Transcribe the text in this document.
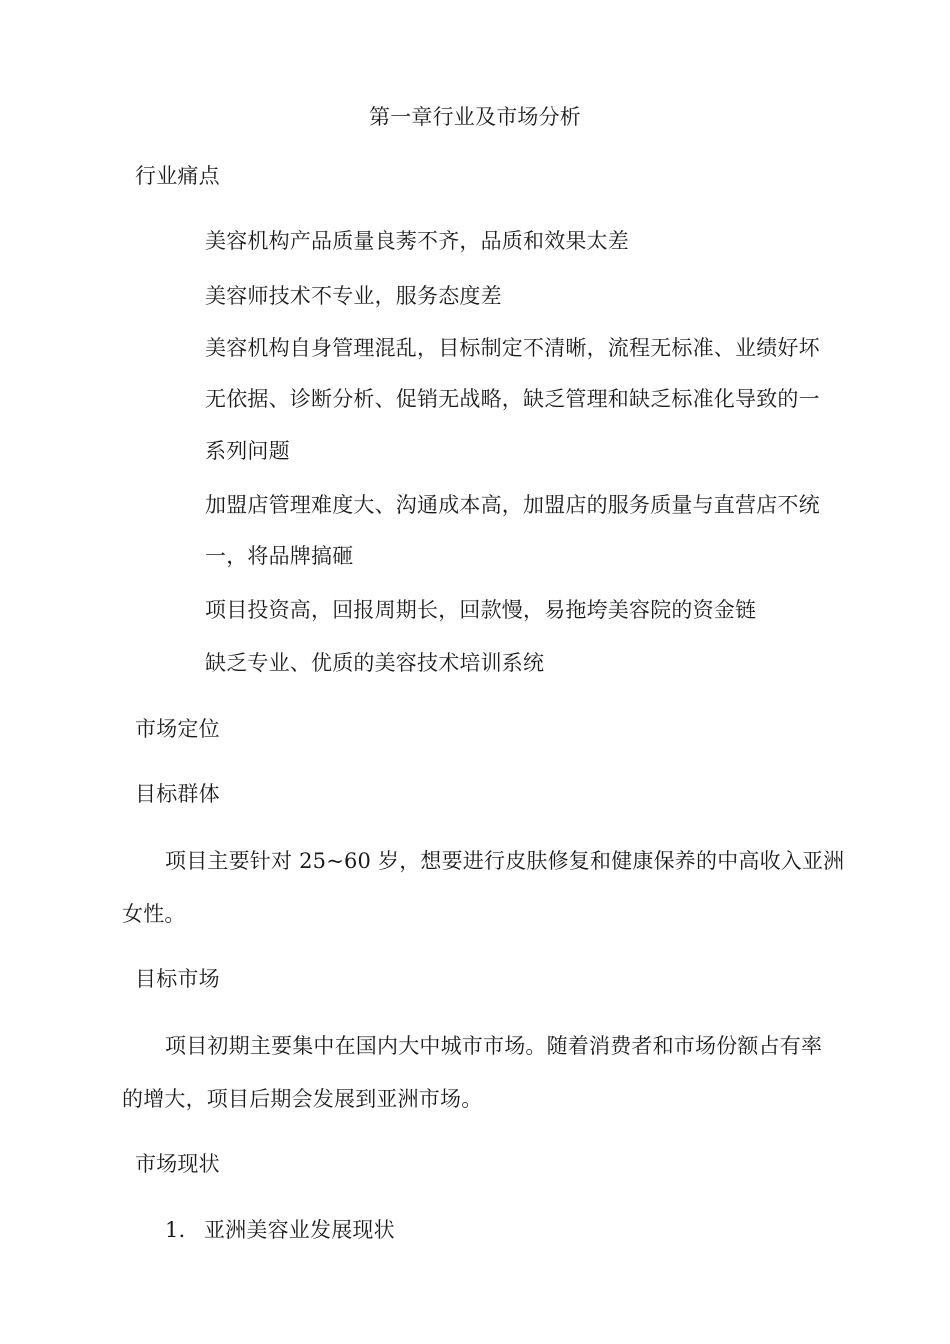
第一章行业及市场分析
行业痛点
美容机构产品质量良莠不齐，品质和效果太差
美容师技术不专业，服务态度差
美容机构自身管理混乱，目标制定不清晰，流程无标准、业绩好坏
无依据、诊断分析、促销无战略，缺乏管理和缺乏标准化导致的一
系列问题
加盟店管理难度大、沟通成本高，加盟店的服务质量与直营店不统
一，将品牌搞砸
项目投资高，回报周期长，回款慢，易拖垮美容院的资金链
缺乏专业、优质的美容技术培训系统
市场定位
目标群体
项目主要针对 25~60 岁，想要进行皮肤修复和健康保养的中高收入亚洲
女性。
目标市场
项目初期主要集中在国内大中城市市场。随着消费者和市场份额占有率
的增大，项目后期会发展到亚洲市场。
市场现状
1. 亚洲美容业发展现状
